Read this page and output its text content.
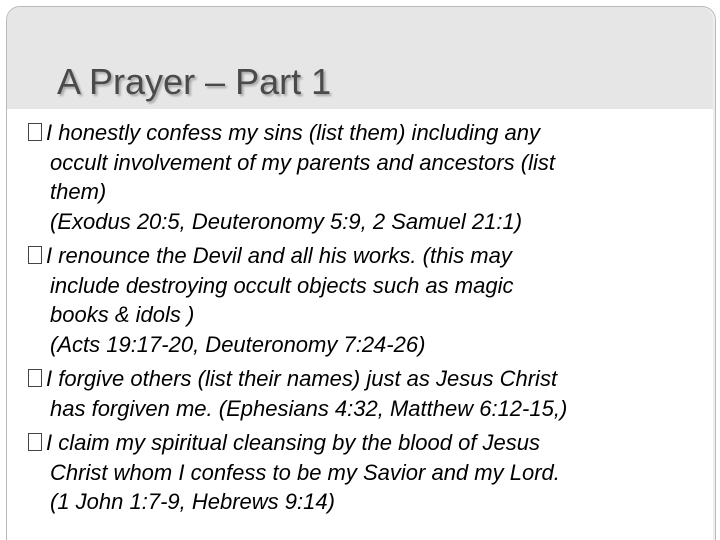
A Prayer – Part 1
I honestly confess my sins (list them) including any
occult involvement of my parents and ancestors (list
them)
(Exodus 20:5, Deuteronomy 5:9, 2 Samuel 21:1)
I renounce the Devil and all his works. (this may
include destroying occult objects such as magic
books & idols )
(Acts 19:17-20, Deuteronomy 7:24-26)
I forgive others (list their names) just as Jesus Christ
has forgiven me. (Ephesians 4:32, Matthew 6:12-15,)
I claim my spiritual cleansing by the blood of Jesus
Christ whom I confess to be my Savior and my Lord.
(1 John 1:7-9, Hebrews 9:14)
